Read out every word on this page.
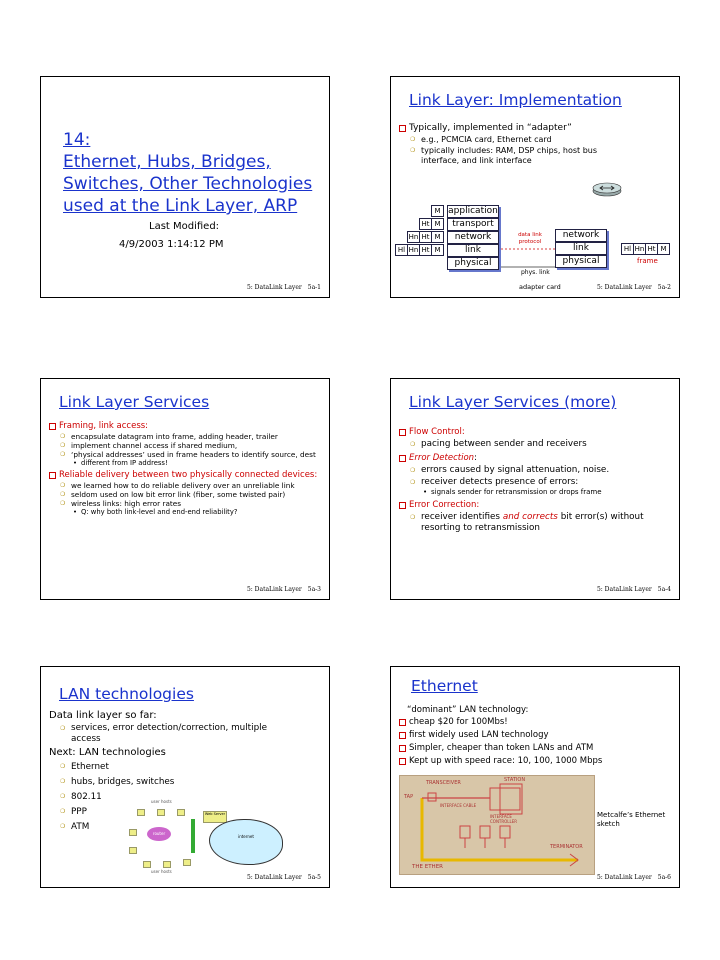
14:
Ethernet, Hubs, Bridges,
Switches, Other Technologies
used at the Link Layer, ARP
Last Modified:
4/9/2003 1:14:12 PM
5: DataLink Layer 5a-1
Link Layer: Implementation
Typically, implemented in “adapter”
❍ e.g., PCMCIA card, Ethernet card
❍ typically includes: RAM, DSP chips, host bus interface, and link interface
application
transport
network
link
physical
M
Ht M
Hn Ht M
Hl Hn Ht M
data link protocol
phys. link
network
link
physical
Hl Hn Ht M
frame
adapter card	5: DataLink Layer 5a-2
Link Layer Services
Framing, link access:
❍ encapsulate datagram into frame, adding header, trailer
❍ implement channel access if shared medium,
❍ ‘physical addresses’ used in frame headers to identify source, dest
• different from IP address!
Reliable delivery between two physically connected devices:
❍ we learned how to do reliable delivery over an unreliable link
❍ seldom used on low bit error link (fiber, some twisted pair)
❍ wireless links: high error rates
• Q: why both link-level and end-end reliability?
5: DataLink Layer 5a-3
Link Layer Services (more)
Flow Control:
❍ pacing between sender and receivers
Error Detection:
❍ errors caused by signal attenuation, noise.
❍ receiver detects presence of errors:
• signals sender for retransmission or drops frame
Error Correction:
❍ receiver identifies and corrects bit error(s) without resorting to retransmission
5: DataLink Layer 5a-4
LAN technologies
Data link layer so far:
❍ services, error detection/correction, multiple access
Next: LAN technologies
❍ Ethernet
❍ hubs, bridges, switches
❍ 802.11
❍ PPP
❍ ATM
user hosts
router
Web Server
internet
user hosts
5: DataLink Layer 5a-5
Ethernet
“dominant” LAN technology:
cheap $20 for 100Mbs!
first widely used LAN technology
Simpler, cheaper than token LANs and ATM
Kept up with speed race: 10, 100, 1000 Mbps
STATION
TRANSCEIVER
TAP
INTERFACE CABLE
INTERFACE CONTROLLER
TERMINATOR
THE ETHER
Metcalfe’s Ethernet sketch
5: DataLink Layer 5a-6
